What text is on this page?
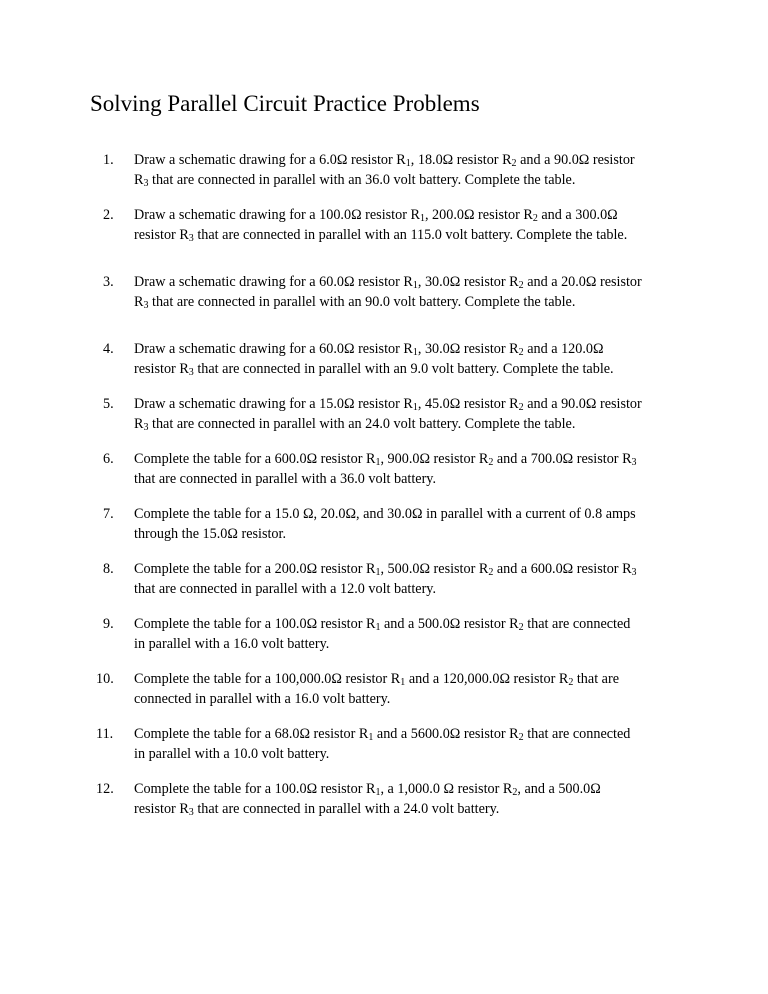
Solving Parallel Circuit Practice Problems
1. Draw a schematic drawing for a 6.0Ω resistor $R_1$, 18.0Ω resistor $R_2$ and a 90.0Ω resistor
$R_3$ that are connected in parallel with an 36.0 volt battery. Complete the table.
2. Draw a schematic drawing for a 100.0Ω resistor $R_1$, 200.0Ω resistor $R_2$ and a 300.0Ω
resistor $R_3$ that are connected in parallel with an 115.0 volt battery. Complete the table.
3. Draw a schematic drawing for a 60.0Ω resistor $R_1$, 30.0Ω resistor $R_2$ and a 20.0Ω resistor
$R_3$ that are connected in parallel with an 90.0 volt battery. Complete the table.
4. Draw a schematic drawing for a 60.0Ω resistor $R_1$, 30.0Ω resistor $R_2$ and a 120.0Ω
resistor $R_3$ that are connected in parallel with an 9.0 volt battery. Complete the table.
5. Draw a schematic drawing for a 15.0Ω resistor $R_1$, 45.0Ω resistor $R_2$ and a 90.0Ω resistor
$R_3$ that are connected in parallel with an 24.0 volt battery. Complete the table.
6. Complete the table for a 600.0Ω resistor $R_1$, 900.0Ω resistor $R_2$ and a 700.0Ω resistor $R_3$
that are connected in parallel with a 36.0 volt battery.
7. Complete the table for a 15.0 Ω, 20.0Ω, and 30.0Ω in parallel with a current of 0.8 amps
through the 15.0Ω resistor.
8. Complete the table for a 200.0Ω resistor $R_1$, 500.0Ω resistor $R_2$ and a 600.0Ω resistor $R_3$
that are connected in parallel with a 12.0 volt battery.
9. Complete the table for a 100.0Ω resistor $R_1$ and a 500.0Ω resistor $R_2$ that are connected
in parallel with a 16.0 volt battery.
10. Complete the table for a 100,000.0Ω resistor $R_1$ and a 120,000.0Ω resistor $R_2$ that are
connected in parallel with a 16.0 volt battery.
11. Complete the table for a 68.0Ω resistor $R_1$ and a 5600.0Ω resistor $R_2$ that are connected
in parallel with a 10.0 volt battery.
12. Complete the table for a 100.0Ω resistor $R_1$, a 1,000.0 Ω resistor $R_2$, and a 500.0Ω
resistor $R_3$ that are connected in parallel with a 24.0 volt battery.
